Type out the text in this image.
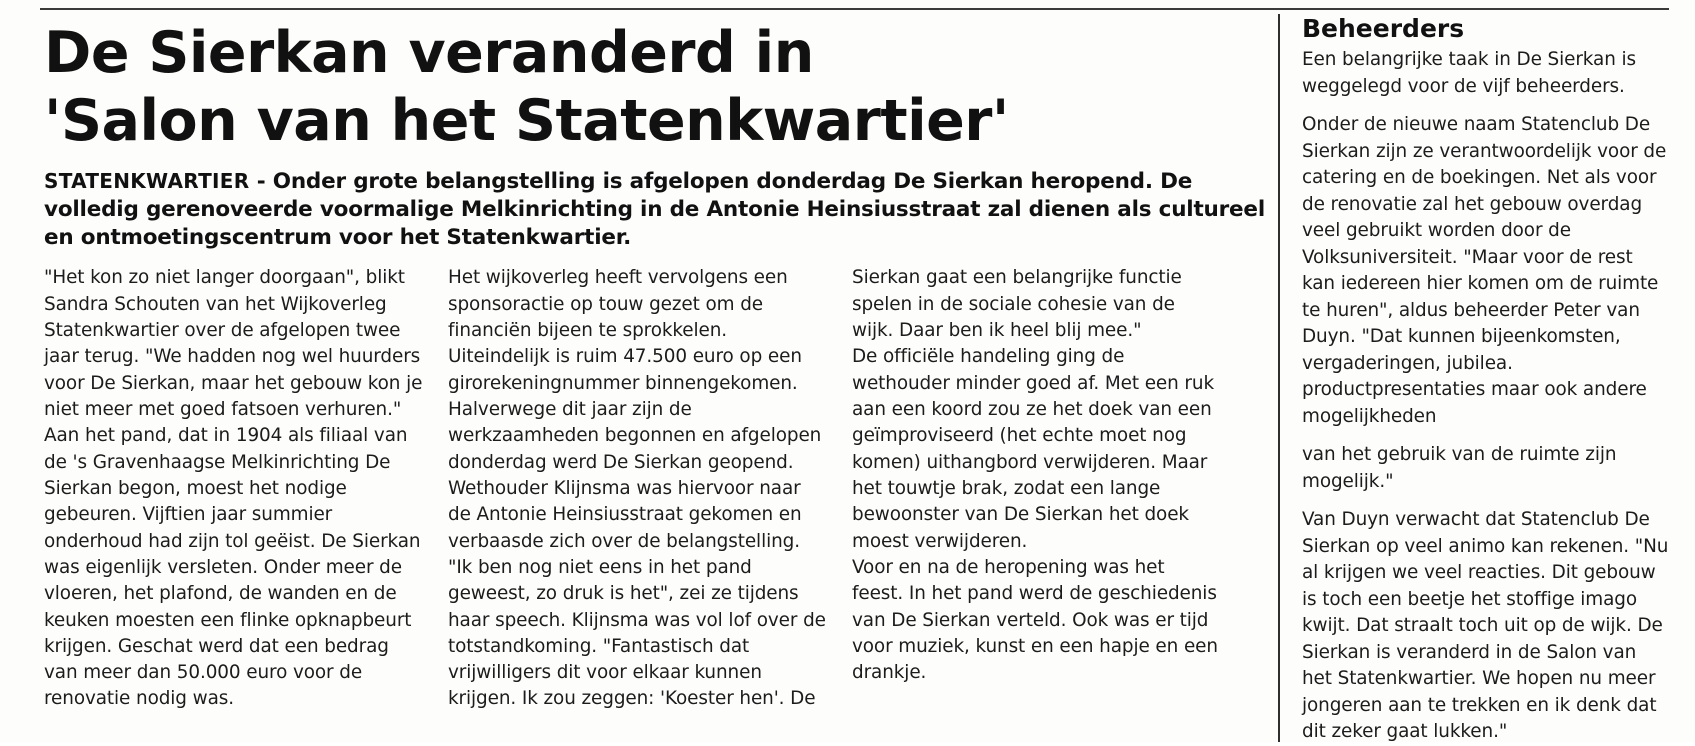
De Sierkan veranderd in
'Salon van het Statenkwartier'

STATENKWARTIER - Onder grote belangstelling is afgelopen donderdag De Sierkan heropend. De volledig gerenoveerde voormalige Melkinrichting in de Antonie Heinsiusstraat zal dienen als cultureel en ontmoetingscentrum voor het Statenkwartier.

"Het kon zo niet langer doorgaan", blikt Sandra Schouten van het Wijkoverleg Statenkwartier over de afgelopen twee jaar terug. "We hadden nog wel huurders voor De Sierkan, maar het gebouw kon je niet meer met goed fatsoen verhuren." Aan het pand, dat in 1904 als filiaal van de 's Gravenhaagse Melkinrichting De Sierkan begon, moest het nodige gebeuren. Vijftien jaar summier onderhoud had zijn tol geëist. De Sierkan was eigenlijk versleten. Onder meer de vloeren, het plafond, de wanden en de keuken moesten een flinke opknapbeurt krijgen. Geschat werd dat een bedrag van meer dan 50.000 euro voor de renovatie nodig was.

Het wijkoverleg heeft vervolgens een sponsoractie op touw gezet om de financiën bijeen te sprokkelen. Uiteindelijk is ruim 47.500 euro op een girorekeningnummer binnengekomen. Halverwege dit jaar zijn de werkzaamheden begonnen en afgelopen donderdag werd De Sierkan geopend.

Wethouder Klijnsma was hiervoor naar de Antonie Heinsiusstraat gekomen en verbaasde zich over de belangstelling. "Ik ben nog niet eens in het pand geweest, zo druk is het", zei ze tijdens haar speech. Klijnsma was vol lof over de totstandkoming. "Fantastisch dat vrijwilligers dit voor elkaar kunnen krijgen. Ik zou zeggen: 'Koester hen'. De

Sierkan gaat een belangrijke functie spelen in de sociale cohesie van de wijk. Daar ben ik heel blij mee."

De officiële handeling ging de wethouder minder goed af. Met een ruk aan een koord zou ze het doek van een geïmproviseerd (het echte moet nog komen) uithangbord verwijderen. Maar het touwtje brak, zodat een lange bewoonster van De Sierkan het doek moest verwijderen.

Voor en na de heropening was het feest. In het pand werd de geschiedenis van De Sierkan verteld. Ook was er tijd voor muziek, kunst en een hapje en een drankje.

Beheerders

Een belangrijke taak in De Sierkan is weggelegd voor de vijf beheerders.

Onder de nieuwe naam Statenclub De Sierkan zijn ze verantwoordelijk voor de catering en de boekingen. Net als voor de renovatie zal het gebouw overdag veel gebruikt worden door de Volksuniversiteit. "Maar voor de rest kan iedereen hier komen om de ruimte te huren", aldus beheerder Peter van Duyn. "Dat kunnen bijeenkomsten, vergaderingen, jubilea. productpresentaties maar ook andere mogelijkheden

van het gebruik van de ruimte zijn mogelijk."

Van Duyn verwacht dat Statenclub De Sierkan op veel animo kan rekenen. "Nu al krijgen we veel reacties. Dit gebouw is toch een beetje het stoffige imago kwijt. Dat straalt toch uit op de wijk. De Sierkan is veranderd in de Salon van het Statenkwartier. We hopen nu meer jongeren aan te trekken en ik denk dat dit zeker gaat lukken."
